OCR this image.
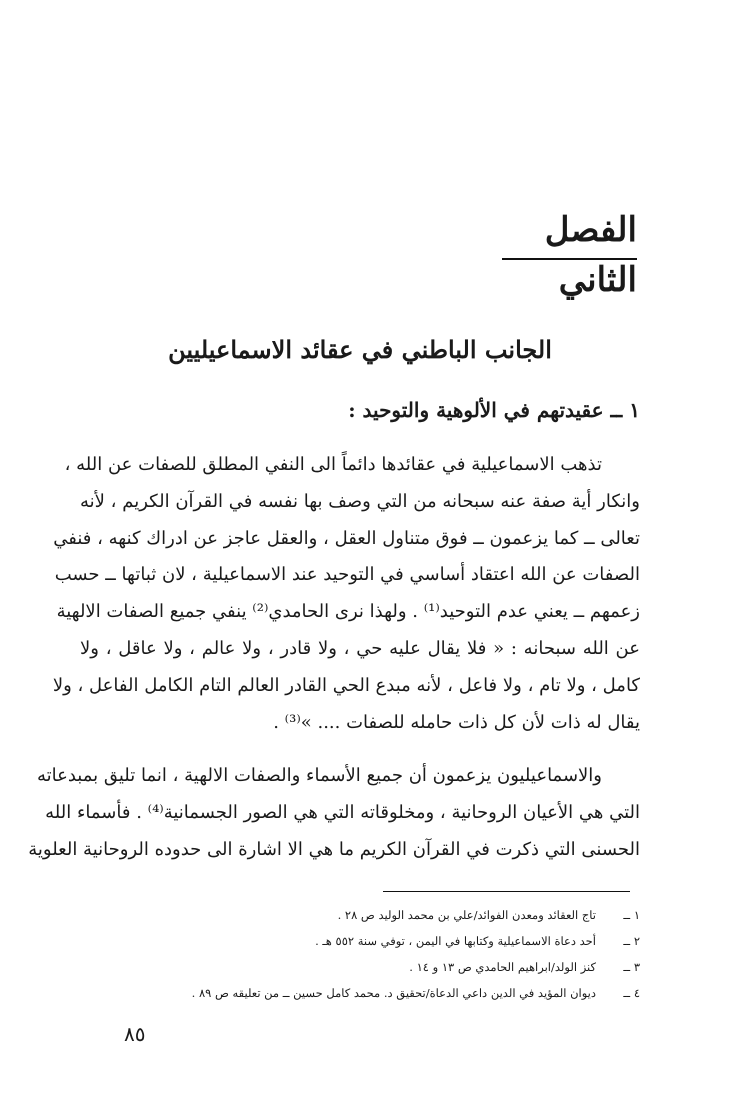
الفصل الثاني
الجانب الباطني في عقائد الاسماعيليين
١ ــ عقيدتهم في الألوهية والتوحيد :
تذهب الاسماعيلية في عقائدها دائماً الى النفي المطلق للصفات عن الله ،
وانكار أية صفة عنه سبحانه من التي وصف بها نفسه في القرآن الكريم ، لأنه
تعالى ــ كما يزعمون ــ فوق متناول العقل ، والعقل عاجز عن ادراك كنهه ، فنفي
الصفات عن الله اعتقاد أساسي في التوحيد عند الاسماعيلية ، لان ثباتها ــ حسب
زعمهم ــ يعني عدم التوحيد⁽¹⁾ . ولهذا نرى الحامدي⁽²⁾ ينفي جميع الصفات الالهية
عن الله سبحانه : « فلا يقال عليه حي ، ولا قادر ، ولا عالم ، ولا عاقل ، ولا
كامل ، ولا تام ، ولا فاعل ، لأنه مبدع الحي القادر العالم التام الكامل الفاعل ، ولا
يقال له ذات لأن كل ذات حامله للصفات .... »⁽³⁾ .
والاسماعيليون يزعمون أن جميع الأسماء والصفات الالهية ، انما تليق بمبدعاته
التي هي الأعيان الروحانية ، ومخلوقاته التي هي الصور الجسمانية⁽⁴⁾ . فأسماء الله
الحسنى التي ذكرت في القرآن الكريم ما هي الا اشارة الى حدوده الروحانية العلوية
١ ــ
تاج العقائد ومعدن الفوائد/علي بن محمد الوليد ص ٢٨ .
٢ ــ
أحد دعاة الاسماعيلية وكتابها في اليمن ، توفي سنة ٥٥٢ هـ .
٣ ــ
كنز الولد/ابراهيم الحامدي ص ١٣ و ١٤ .
٤ ــ
ديوان المؤيد في الدين داعي الدعاة/تحقيق د. محمد كامل حسين ــ من تعليقه ص ٨٩ .
٨٥
